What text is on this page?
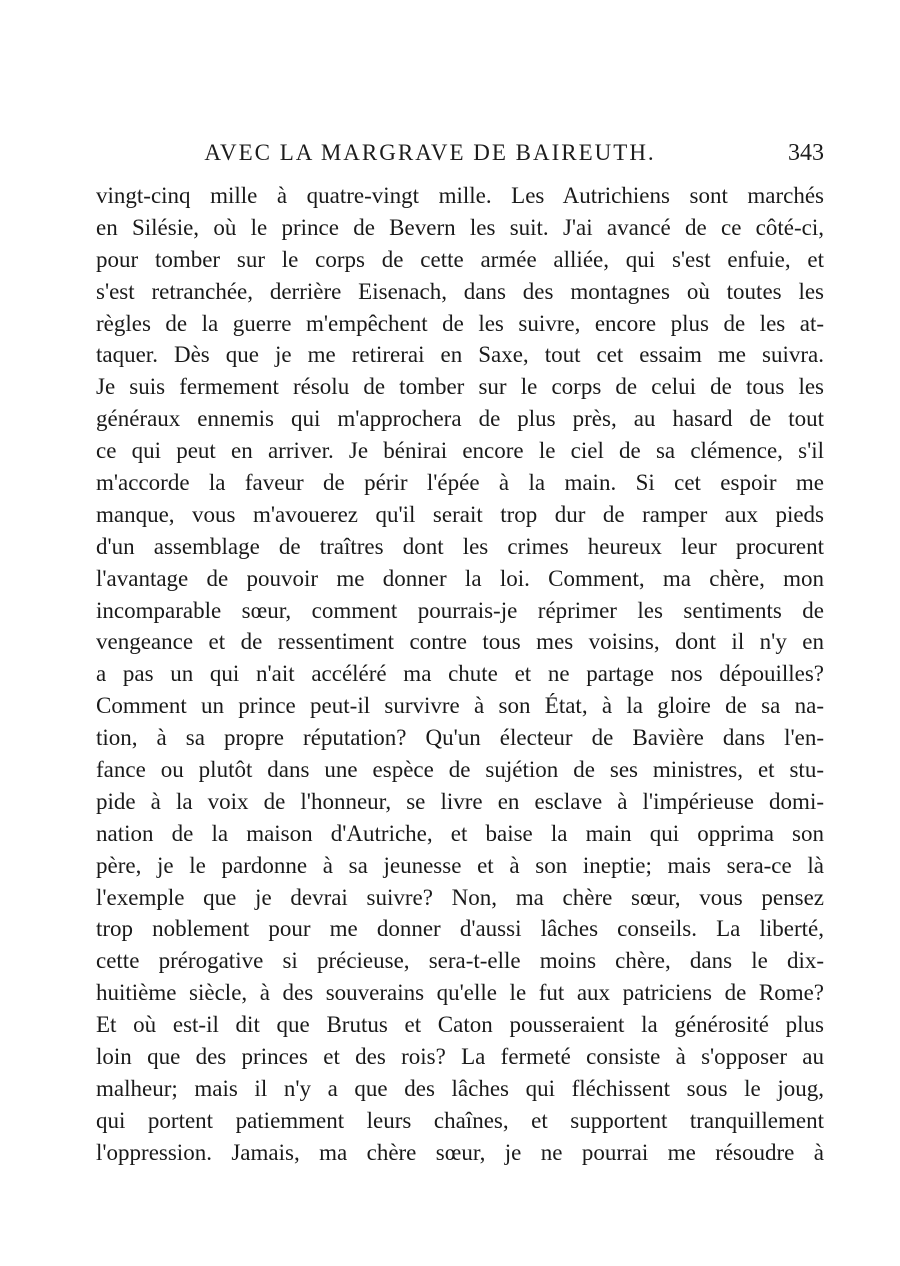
AVEC LA MARGRAVE DE BAIREUTH.	343
vingt-cinq mille à quatre-vingt mille. Les Autrichiens sont marchés
en Silésie, où le prince de Bevern les suit. J'ai avancé de ce côté-ci,
pour tomber sur le corps de cette armée alliée, qui s'est enfuie, et
s'est retranchée, derrière Eisenach, dans des montagnes où toutes les
règles de la guerre m'empêchent de les suivre, encore plus de les at-
taquer. Dès que je me retirerai en Saxe, tout cet essaim me suivra.
Je suis fermement résolu de tomber sur le corps de celui de tous les
généraux ennemis qui m'approchera de plus près, au hasard de tout
ce qui peut en arriver. Je bénirai encore le ciel de sa clémence, s'il
m'accorde la faveur de périr l'épée à la main. Si cet espoir me
manque, vous m'avouerez qu'il serait trop dur de ramper aux pieds
d'un assemblage de traîtres dont les crimes heureux leur procurent
l'avantage de pouvoir me donner la loi. Comment, ma chère, mon
incomparable sœur, comment pourrais-je réprimer les sentiments de
vengeance et de ressentiment contre tous mes voisins, dont il n'y en
a pas un qui n'ait accéléré ma chute et ne partage nos dépouilles?
Comment un prince peut-il survivre à son État, à la gloire de sa na-
tion, à sa propre réputation? Qu'un électeur de Bavière dans l'en-
fance ou plutôt dans une espèce de sujétion de ses ministres, et stu-
pide à la voix de l'honneur, se livre en esclave à l'impérieuse domi-
nation de la maison d'Autriche, et baise la main qui opprima son
père, je le pardonne à sa jeunesse et à son ineptie; mais sera-ce là
l'exemple que je devrai suivre? Non, ma chère sœur, vous pensez
trop noblement pour me donner d'aussi lâches conseils. La liberté,
cette prérogative si précieuse, sera-t-elle moins chère, dans le dix-
huitième siècle, à des souverains qu'elle le fut aux patriciens de Rome?
Et où est-il dit que Brutus et Caton pousseraient la générosité plus
loin que des princes et des rois? La fermeté consiste à s'opposer au
malheur; mais il n'y a que des lâches qui fléchissent sous le joug,
qui portent patiemment leurs chaînes, et supportent tranquillement
l'oppression. Jamais, ma chère sœur, je ne pourrai me résoudre à
